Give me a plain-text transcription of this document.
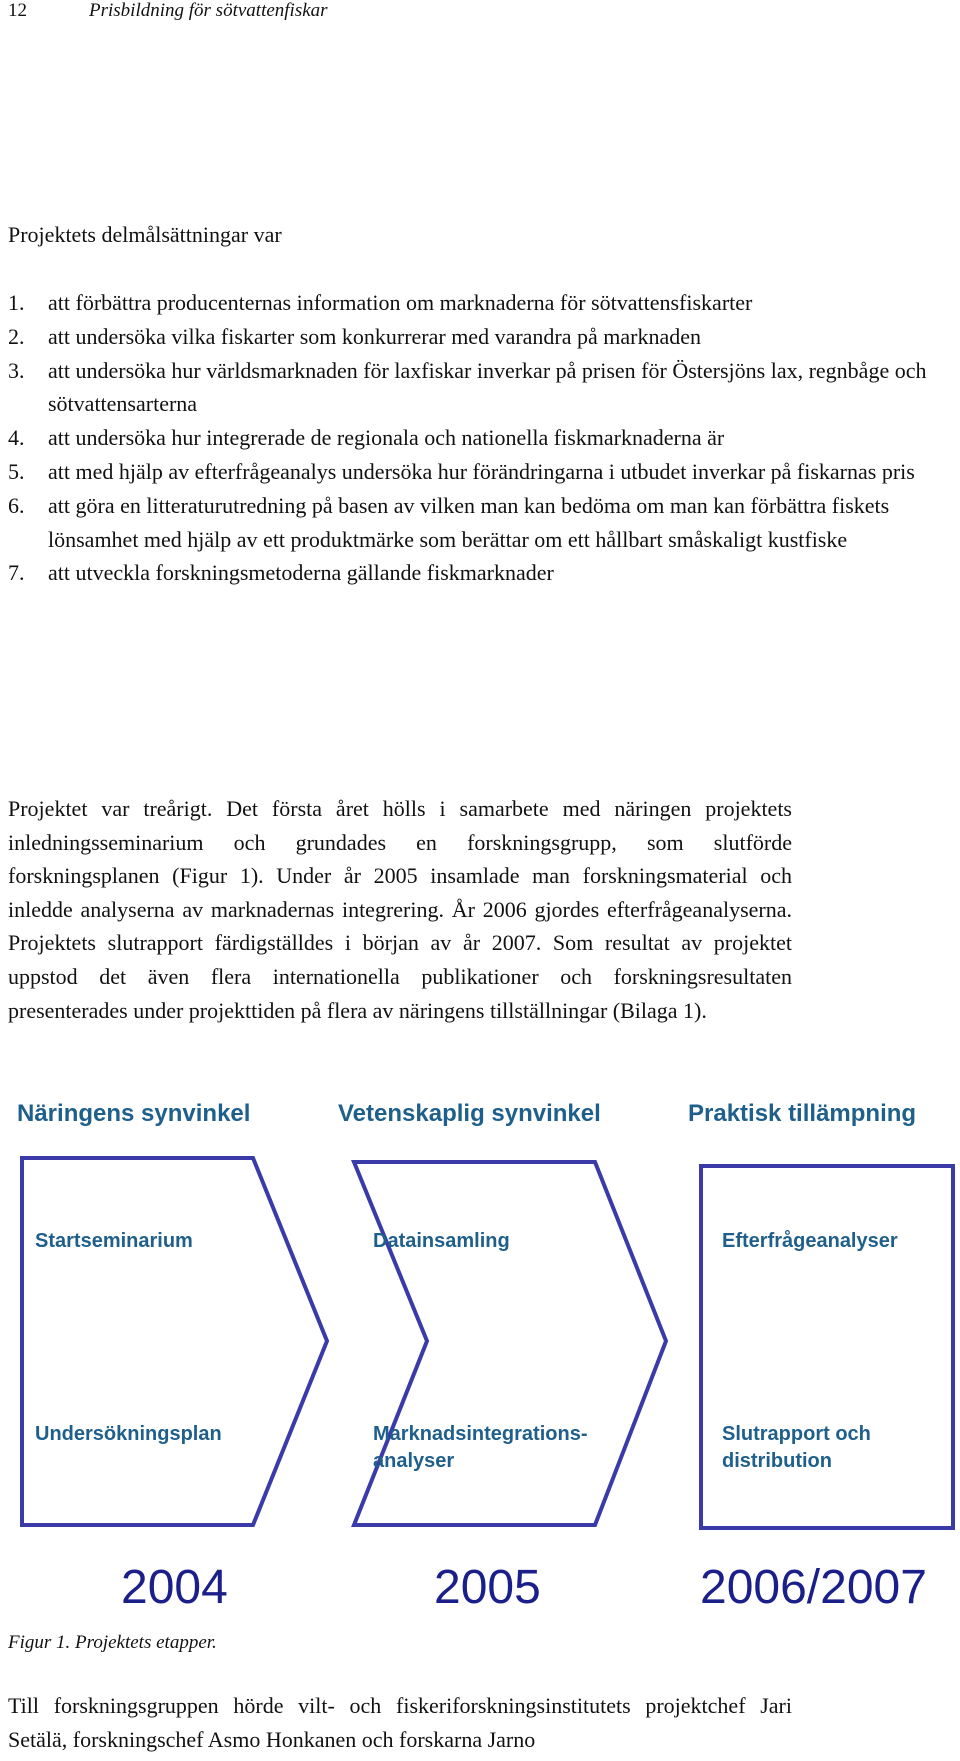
12	Prisbildning för sötvattenfiskar
Projektets delmålsättningar var
1. att förbättra producenternas information om marknaderna för sötvattensfiskarter
2. att undersöka vilka fiskarter som konkurrerar med varandra på marknaden
3. att undersöka hur världsmarknaden för laxfiskar inverkar på prisen för Östersjöns lax, regnbåge och sötvattensarterna
4. att undersöka hur integrerade de regionala och nationella fiskmarknaderna är
5. att med hjälp av efterfrågeanalys undersöka hur förändringarna i utbudet inverkar på fiskarnas pris
6. att göra en litteraturutredning på basen av vilken man kan bedöma om man kan förbättra fiskets lönsamhet med hjälp av ett produktmärke som berättar om ett hållbart småskaligt kustfiske
7. att utveckla forskningsmetoderna gällande fiskmarknader

Projektet var treårigt. Det första året hölls i samarbete med näringen projektets inledningsseminarium och grundades en forskningsgrupp, som slutförde forskningsplanen (Figur 1). Under år 2005 insamlade man forskningsmaterial och inledde analyserna av marknadernas integrering. År 2006 gjordes efterfrågeanalyserna. Projektets slutrapport färdigställdes i början av år 2007. Som resultat av projektet uppstod det även flera internationella publikationer och forskningsresultaten presenterades under projekttiden på flera av näringens tillställningar (Bilaga 1).

Näringens synvinkel	Vetenskaplig synvinkel	Praktisk tillämpning
Startseminarium	Datainsamling	Efterfrågeanalyser
Undersökningsplan	Marknadsintegrationsanalyser
Slutrapport och distribution
2004	2005	2006/2007
Figur 1. Projektets etapper.

Till forskningsgruppen hörde vilt- och fiskeriforskningsinstitutets projektchef Jari Setälä, forskningschef Asmo Honkanen och forskarna Jarno
